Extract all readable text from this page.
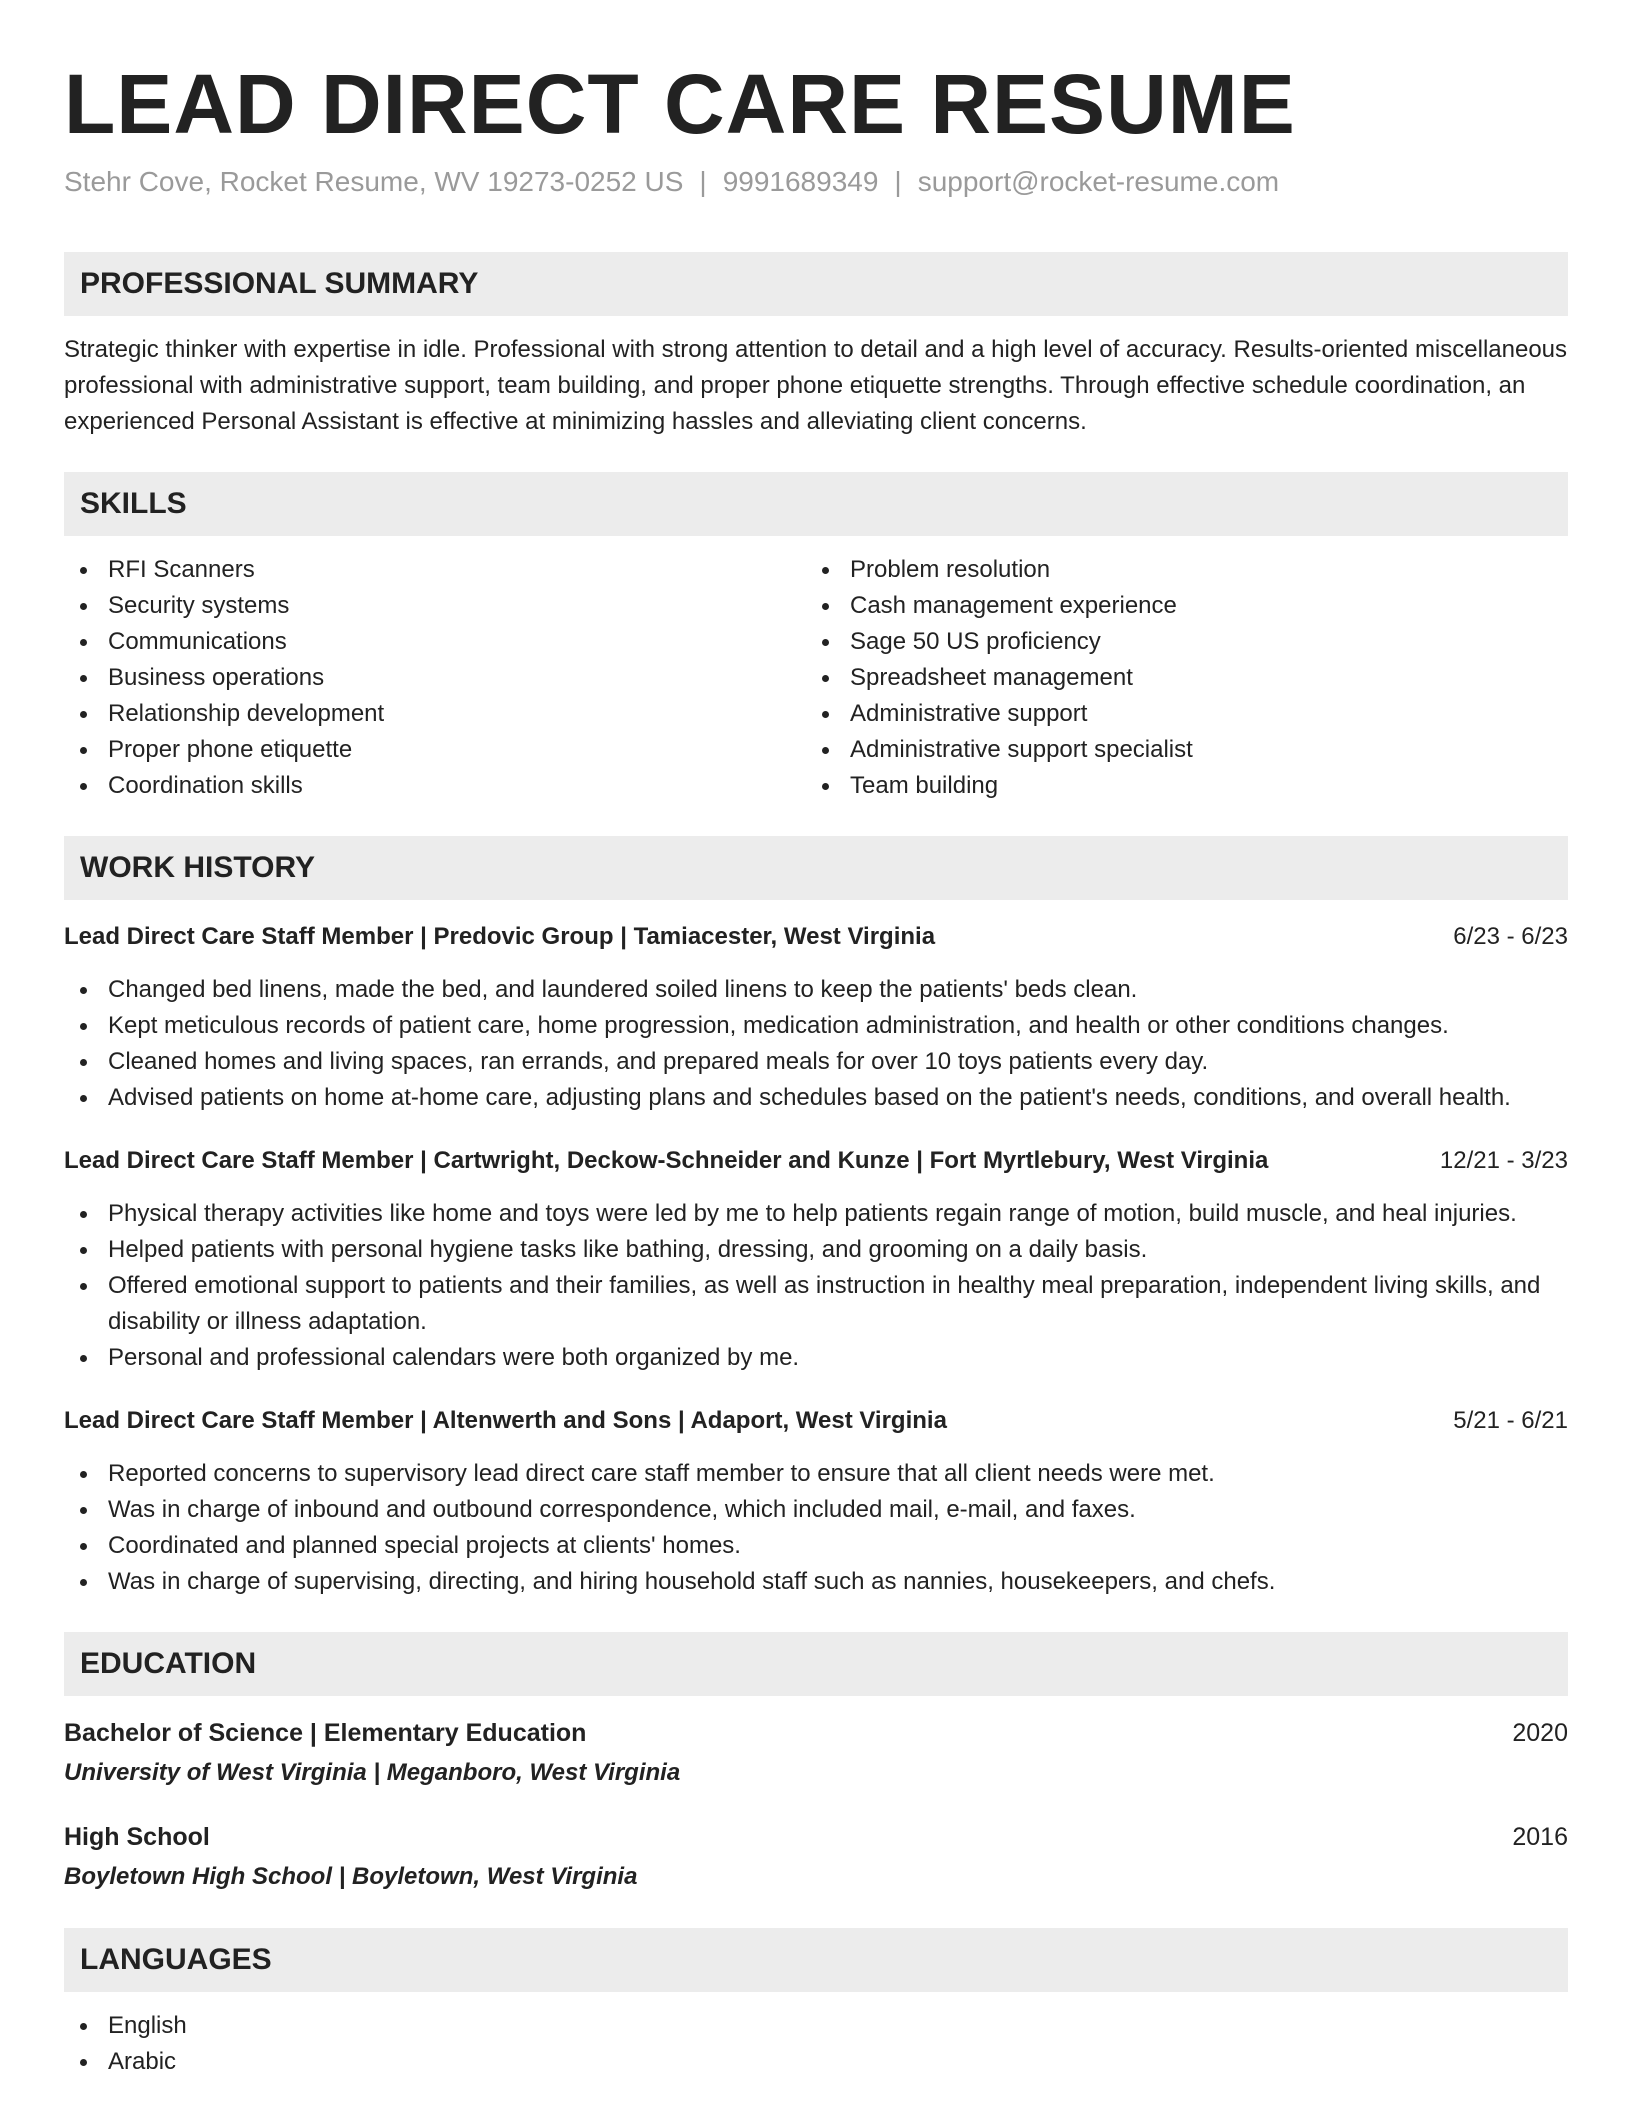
LEAD DIRECT CARE RESUME
Stehr Cove, Rocket Resume, WV 19273-0252 US | 9991689349 | support@rocket-resume.com
PROFESSIONAL SUMMARY
Strategic thinker with expertise in idle. Professional with strong attention to detail and a high level of accuracy. Results-oriented miscellaneous professional with administrative support, team building, and proper phone etiquette strengths. Through effective schedule coordination, an experienced Personal Assistant is effective at minimizing hassles and alleviating client concerns.
SKILLS
RFI Scanners
Security systems
Communications
Business operations
Relationship development
Proper phone etiquette
Coordination skills
Problem resolution
Cash management experience
Sage 50 US proficiency
Spreadsheet management
Administrative support
Administrative support specialist
Team building
WORK HISTORY
Lead Direct Care Staff Member | Predovic Group | Tamiacester, West Virginia	6/23 - 6/23
Changed bed linens, made the bed, and laundered soiled linens to keep the patients' beds clean.
Kept meticulous records of patient care, home progression, medication administration, and health or other conditions changes.
Cleaned homes and living spaces, ran errands, and prepared meals for over 10 toys patients every day.
Advised patients on home at-home care, adjusting plans and schedules based on the patient's needs, conditions, and overall health.
Lead Direct Care Staff Member | Cartwright, Deckow-Schneider and Kunze | Fort Myrtlebury, West Virginia	12/21 - 3/23
Physical therapy activities like home and toys were led by me to help patients regain range of motion, build muscle, and heal injuries.
Helped patients with personal hygiene tasks like bathing, dressing, and grooming on a daily basis.
Offered emotional support to patients and their families, as well as instruction in healthy meal preparation, independent living skills, and disability or illness adaptation.
Personal and professional calendars were both organized by me.
Lead Direct Care Staff Member | Altenwerth and Sons | Adaport, West Virginia	5/21 - 6/21
Reported concerns to supervisory lead direct care staff member to ensure that all client needs were met.
Was in charge of inbound and outbound correspondence, which included mail, e-mail, and faxes.
Coordinated and planned special projects at clients' homes.
Was in charge of supervising, directing, and hiring household staff such as nannies, housekeepers, and chefs.
EDUCATION
Bachelor of Science | Elementary Education	2020
University of West Virginia | Meganboro, West Virginia
High School	2016
Boyletown High School | Boyletown, West Virginia
LANGUAGES
English
Arabic
